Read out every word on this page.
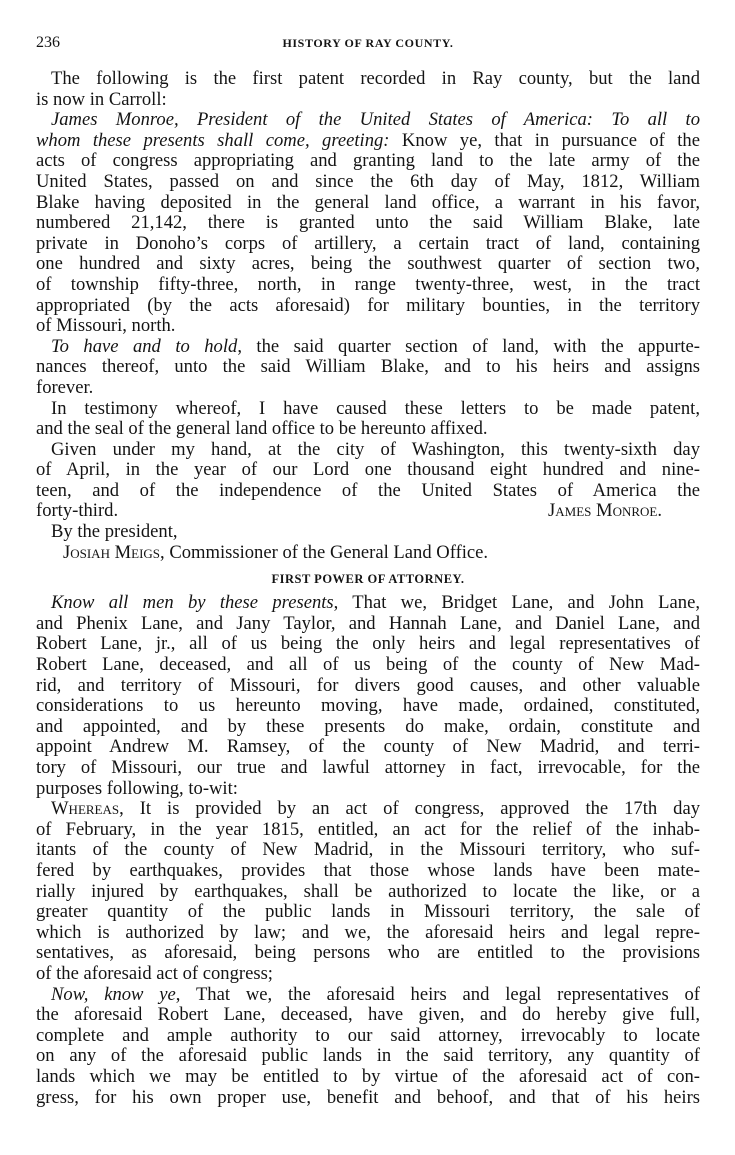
236	HISTORY OF RAY COUNTY.
The following is the first patent recorded in Ray county, but the land
is now in Carroll:
James Monroe, President of the United States of America: To all to
whom these presents shall come, greeting: Know ye, that in pursuance of the
acts of congress appropriating and granting land to the late army of the
United States, passed on and since the 6th day of May, 1812, William
Blake having deposited in the general land office, a warrant in his favor,
numbered 21,142, there is granted unto the said William Blake, late
private in Donoho’s corps of artillery, a certain tract of land, containing
one hundred and sixty acres, being the southwest quarter of section two,
of township fifty-three, north, in range twenty-three, west, in the tract
appropriated (by the acts aforesaid) for military bounties, in the territory
of Missouri, north.
To have and to hold, the said quarter section of land, with the appurte-
nances thereof, unto the said William Blake, and to his heirs and assigns
forever.
In testimony whereof, I have caused these letters to be made patent,
and the seal of the general land office to be hereunto affixed.
Given under my hand, at the city of Washington, this twenty-sixth day
of April, in the year of our Lord one thousand eight hundred and nine-
teen, and of the independence of the United States of America the
forty-third.	James Monroe.
By the president,
Josiah Meigs, Commissioner of the General Land Office.
FIRST POWER OF ATTORNEY.
Know all men by these presents, That we, Bridget Lane, and John Lane,
and Phenix Lane, and Jany Taylor, and Hannah Lane, and Daniel Lane, and
Robert Lane, jr., all of us being the only heirs and legal representatives of
Robert Lane, deceased, and all of us being of the county of New Mad-
rid, and territory of Missouri, for divers good causes, and other valuable
considerations to us hereunto moving, have made, ordained, constituted,
and appointed, and by these presents do make, ordain, constitute and
appoint Andrew M. Ramsey, of the county of New Madrid, and terri-
tory of Missouri, our true and lawful attorney in fact, irrevocable, for the
purposes following, to-wit:
Whereas, It is provided by an act of congress, approved the 17th day
of February, in the year 1815, entitled, an act for the relief of the inhab-
itants of the county of New Madrid, in the Missouri territory, who suf-
fered by earthquakes, provides that those whose lands have been mate-
rially injured by earthquakes, shall be authorized to locate the like, or a
greater quantity of the public lands in Missouri territory, the sale of
which is authorized by law; and we, the aforesaid heirs and legal repre-
sentatives, as aforesaid, being persons who are entitled to the provisions
of the aforesaid act of congress;
Now, know ye, That we, the aforesaid heirs and legal representatives of
the aforesaid Robert Lane, deceased, have given, and do hereby give full,
complete and ample authority to our said attorney, irrevocably to locate
on any of the aforesaid public lands in the said territory, any quantity of
lands which we may be entitled to by virtue of the aforesaid act of con-
gress, for his own proper use, benefit and behoof, and that of his heirs
